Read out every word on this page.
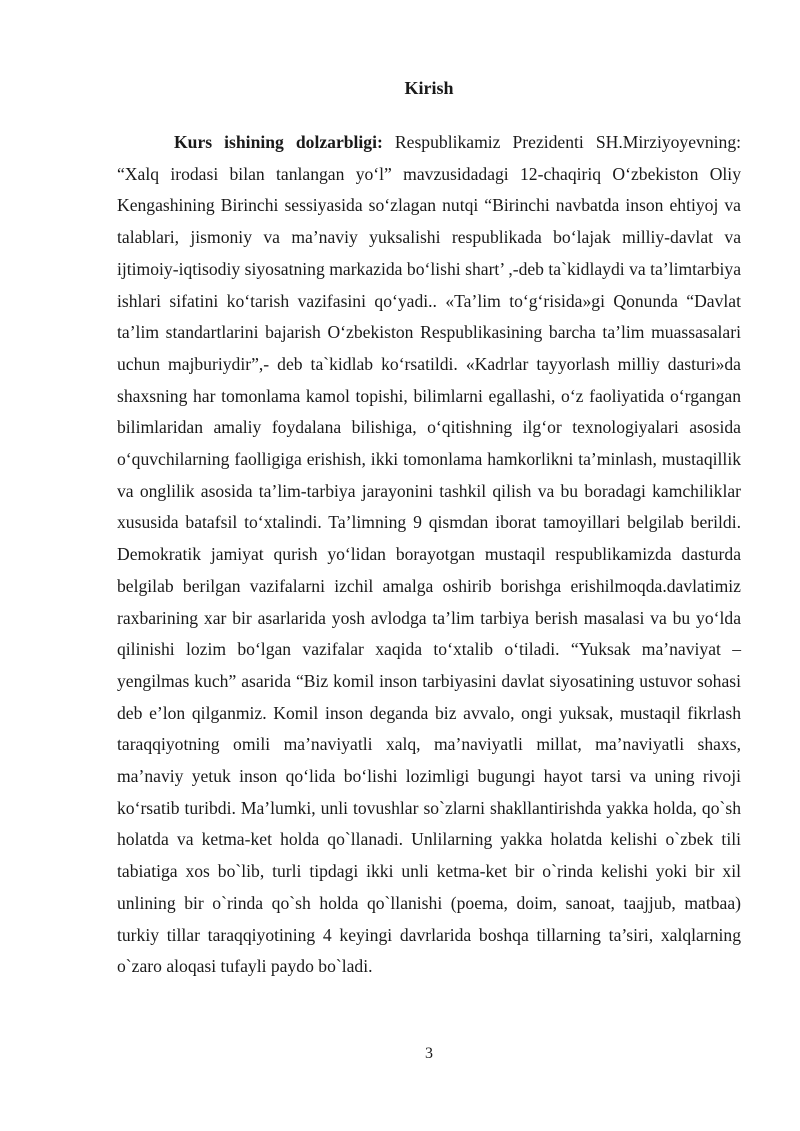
Kirish

Kurs ishining dolzarbligi: Respublikamiz Prezidenti SH.Mirziyoyevning: “Xalq irodasi bilan tanlangan yo‘l” mavzusidadagi 12-chaqiriq O‘zbekiston Oliy Kengashining Birinchi sessiyasida so‘zlagan nutqi “Birinchi navbatda inson ehtiyoj va talablari, jismoniy va ma’naviy yuksalishi respublikada bo‘lajak milliy-davlat va ijtimoiy-iqtisodiy siyosatning markazida bo‘lishi shart’ ,-deb ta`kidlaydi va ta’limtarbiya ishlari sifatini ko‘tarish vazifasini qo‘yadi.. «Ta’lim to‘g‘risida»gi Qonunda “Davlat ta’lim standartlarini bajarish O‘zbekiston Respublikasining barcha ta’lim muassasalari uchun majburiydir”,- deb ta`kidlab ko‘rsatildi. «Kadrlar tayyorlash milliy dasturi»da shaxsning har tomonlama kamol topishi, bilimlarni egallashi, o‘z faoliyatida o‘rgangan bilimlaridan amaliy foydalana bilishiga, o‘qitishning ilg‘or texnologiyalari asosida o‘quvchilarning faolligiga erishish, ikki tomonlama hamkorlikni ta’minlash, mustaqillik va onglilik asosida ta’lim-tarbiya jarayonini tashkil qilish va bu boradagi kamchiliklar xususida batafsil to‘xtalindi. Ta’limning 9 qismdan iborat tamoyillari belgilab berildi. Demokratik jamiyat qurish yo‘lidan borayotgan mustaqil respublikamizda dasturda belgilab berilgan vazifalarni izchil amalga oshirib borishga erishilmoqda.davlatimiz raxbarining xar bir asarlarida yosh avlodga ta’lim tarbiya berish masalasi va bu yo‘lda qilinishi lozim bo‘lgan vazifalar xaqida to‘xtalib o‘tiladi. “Yuksak ma’naviyat – yengilmas kuch” asarida “Biz komil inson tarbiyasini davlat siyosatining ustuvor sohasi deb e’lon qilganmiz. Komil inson deganda biz avvalo, ongi yuksak, mustaqil fikrlash taraqqiyotning omili ma’naviyatli xalq, ma’naviyatli millat, ma’naviyatli shaxs, ma’naviy yetuk inson qo‘lida bo‘lishi lozimligi bugungi hayot tarsi va uning rivoji ko‘rsatib turibdi. Ma’lumki, unli tovushlar so`zlarni shakllantirishda yakka holda, qo`sh holatda va ketma-ket holda qo`llanadi. Unlilarning yakka holatda kelishi o`zbek tili tabiatiga xos bo`lib, turli tipdagi ikki unli ketma-ket bir o`rinda kelishi yoki bir xil unlining bir o`rinda qo`sh holda qo`llanishi (poema, doim, sanoat, taajjub, matbaa) turkiy tillar taraqqiyotining 4 keyingi davrlarida boshqa tillarning ta’siri, xalqlarning o`zaro aloqasi tufayli paydo bo`ladi.

3
